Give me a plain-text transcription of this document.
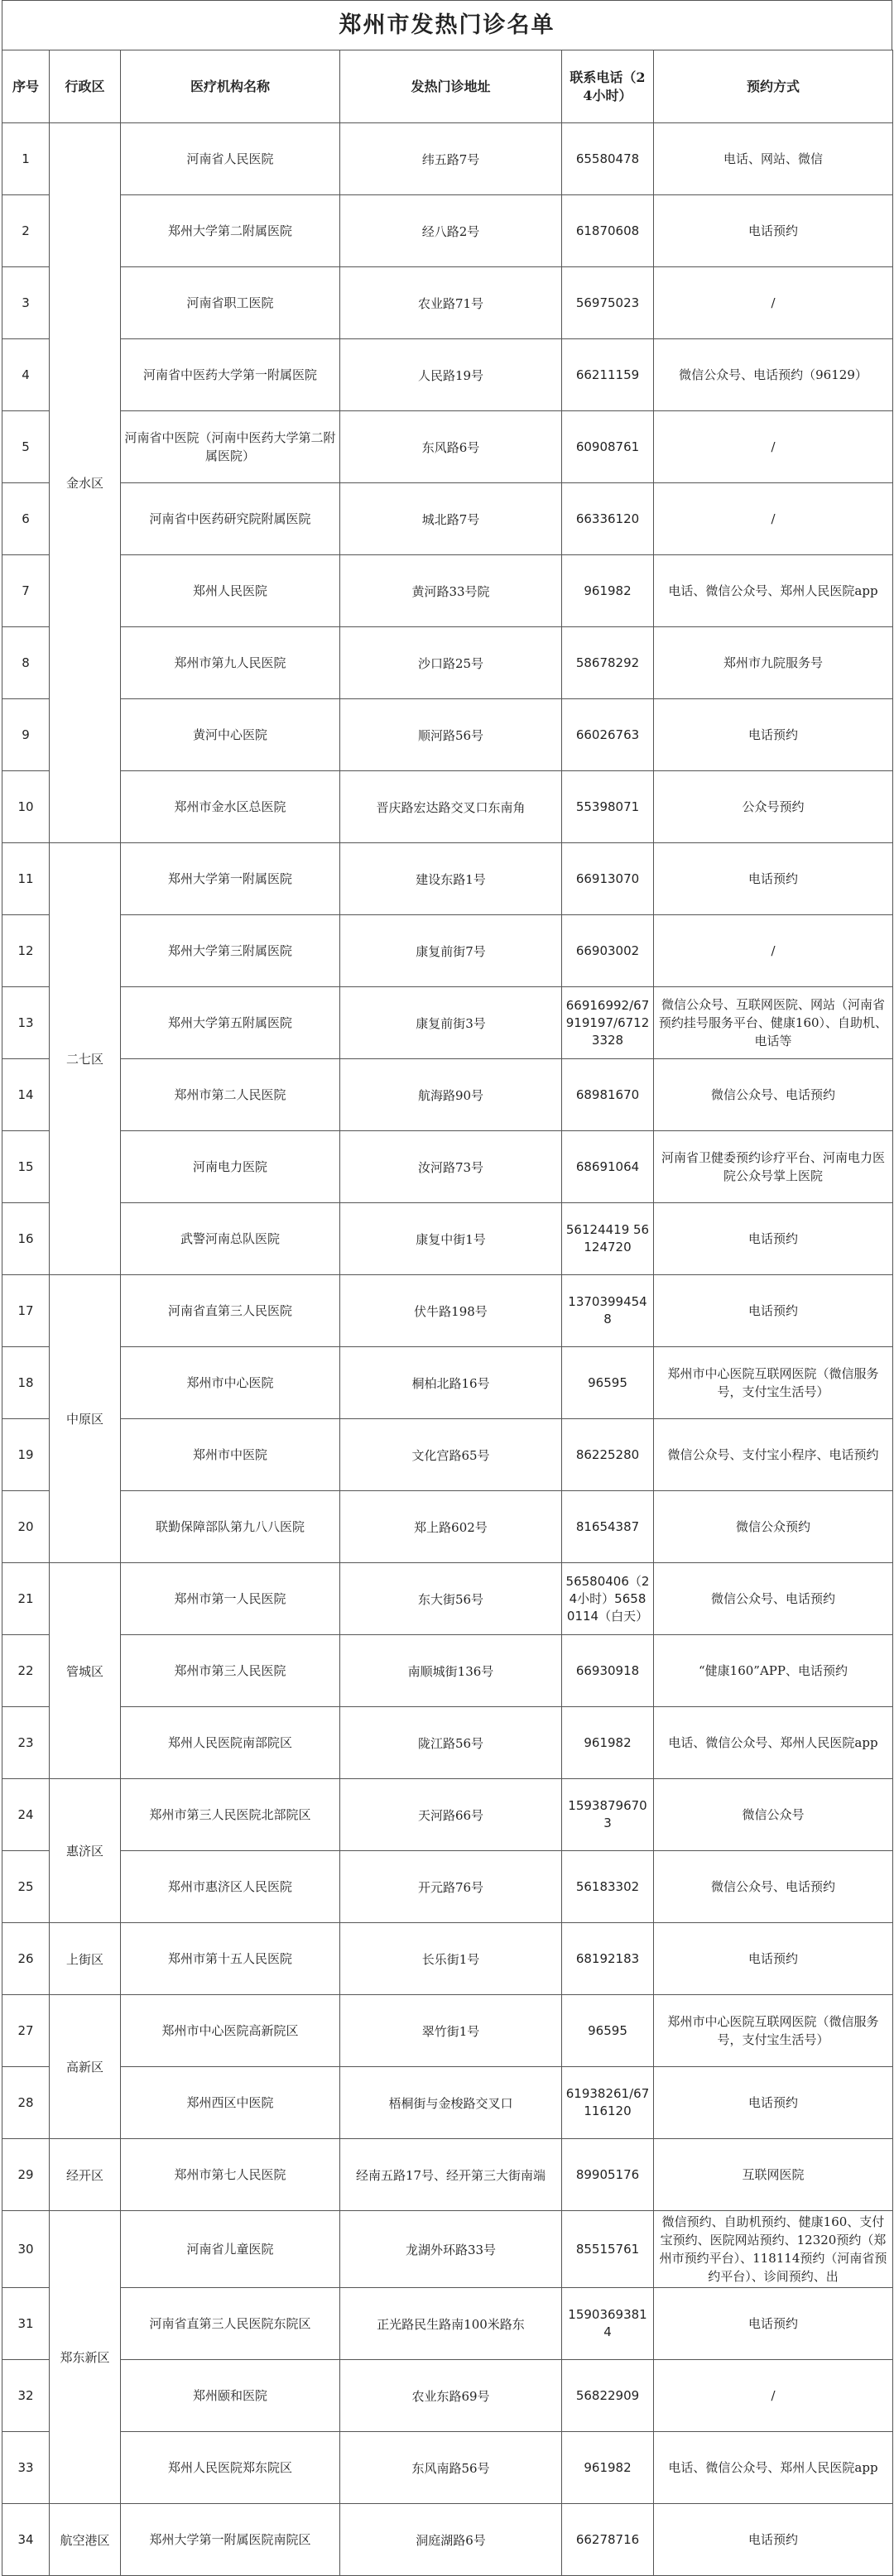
郑州市发热门诊名单
序号	行政区	医疗机构名称	发热门诊地址	联系电话（24小时）	预约方式
1	金水区	河南省人民医院	纬五路7号	65580478	电话、网站、微信
2		郑州大学第二附属医院	经八路2号	61870608	电话预约
3		河南省职工医院	农业路71号	56975023	/
4		河南省中医药大学第一附属医院	人民路19号	66211159	微信公众号、电话预约（96129）
5		河南省中医院（河南中医药大学第二附属医院）	东风路6号	60908761	/
6		河南省中医药研究院附属医院	城北路7号	66336120	/
7		郑州人民医院	黄河路33号院	961982	电话、微信公众号、郑州人民医院app
8		郑州市第九人民医院	沙口路25号	58678292	郑州市九院服务号
9		黄河中心医院	顺河路56号	66026763	电话预约
10		郑州市金水区总医院	晋庆路宏达路交叉口东南角	55398071	公众号预约
11	二七区	郑州大学第一附属医院	建设东路1号	66913070	电话预约
12		郑州大学第三附属医院	康复前街7号	66903002	/
13		郑州大学第五附属医院	康复前街3号	66916992/67919197/67123328	微信公众号、互联网医院、网站（河南省预约挂号服务平台、健康160）、自助机、电话等
14		郑州市第二人民医院	航海路90号	68981670	微信公众号、电话预约
15		河南电力医院	汝河路73号	68691064	河南省卫健委预约诊疗平台、河南电力医院公众号掌上医院
16		武警河南总队医院	康复中街1号	56124419 56124720	电话预约
17	中原区	河南省直第三人民医院	伏牛路198号	13703994548	电话预约
18		郑州市中心医院	桐柏北路16号	96595	郑州市中心医院互联网医院（微信服务号，支付宝生活号）
19		郑州市中医院	文化宫路65号	86225280	微信公众号、支付宝小程序、电话预约
20		联勤保障部队第九八八医院	郑上路602号	81654387	微信公众预约
21	管城区	郑州市第一人民医院	东大街56号	56580406（24小时）56580114（白天）	微信公众号、电话预约
22		郑州市第三人民医院	南顺城街136号	66930918	“健康160”APP、电话预约
23		郑州人民医院南部院区	陇江路56号	961982	电话、微信公众号、郑州人民医院app
24	惠济区	郑州市第三人民医院北部院区	天河路66号	15938796703	微信公众号
25		郑州市惠济区人民医院	开元路76号	56183302	微信公众号、电话预约
26	上街区	郑州市第十五人民医院	长乐街1号	68192183	电话预约
27	高新区	郑州市中心医院高新院区	翠竹街1号	96595	郑州市中心医院互联网医院（微信服务号，支付宝生活号）
28		郑州西区中医院	梧桐街与金梭路交叉口	61938261/67116120	电话预约
29	经开区	郑州市第七人民医院	经南五路17号、经开第三大街南端	89905176	互联网医院
30	郑东新区	河南省儿童医院	龙湖外环路33号	85515761	微信预约、自助机预约、健康160、支付宝预约、医院网站预约、12320预约（郑州市预约平台）、118114预约（河南省预约平台）、诊间预约、出
31		河南省直第三人民医院东院区	正光路民生路南100米路东	15903693814	电话预约
32		郑州颐和医院	农业东路69号	56822909	/
33		郑州人民医院郑东院区	东风南路56号	961982	电话、微信公众号、郑州人民医院app
34	航空港区	郑州大学第一附属医院南院区	洞庭湖路6号	66278716	电话预约
